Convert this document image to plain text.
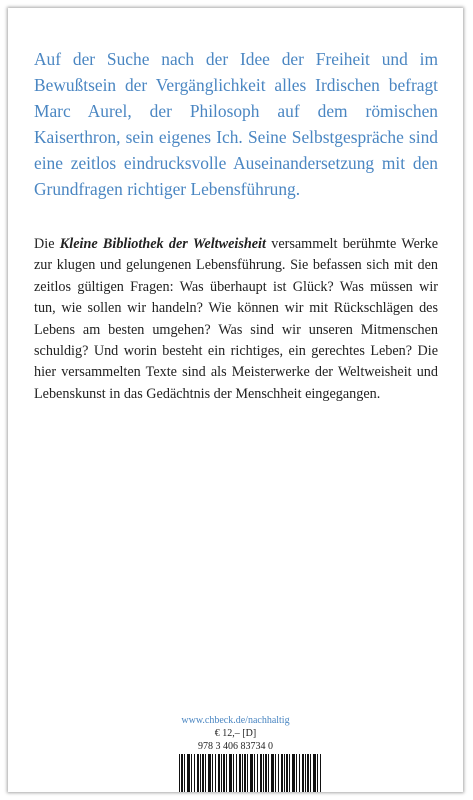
Auf der Suche nach der Idee der Freiheit und im Bewußtsein der Vergänglichkeit alles Irdischen befragt Marc Aurel, der Philosoph auf dem römischen Kaiserthron, sein eigenes Ich. Seine Selbstgespräche sind eine zeitlos eindrucksvolle Auseinandersetzung mit den Grundfragen richtiger Lebensführung.

Die Kleine Bibliothek der Weltweisheit versammelt berühmte Werke zur klugen und gelungenen Lebensführung. Sie befassen sich mit den zeitlos gültigen Fragen: Was überhaupt ist Glück? Was müssen wir tun, wie sollen wir handeln? Wie können wir mit Rückschlägen des Lebens am besten umgehen? Was sind wir unseren Mitmenschen schuldig? Und worin besteht ein richtiges, ein gerechtes Leben? Die hier versammelten Texte sind als Meisterwerke der Weltweisheit und Lebenskunst in das Gedächtnis der Menschheit eingegangen.

www.chbeck.de/nachhaltig
€ 12,– [D]
978 3 406 83734 0
